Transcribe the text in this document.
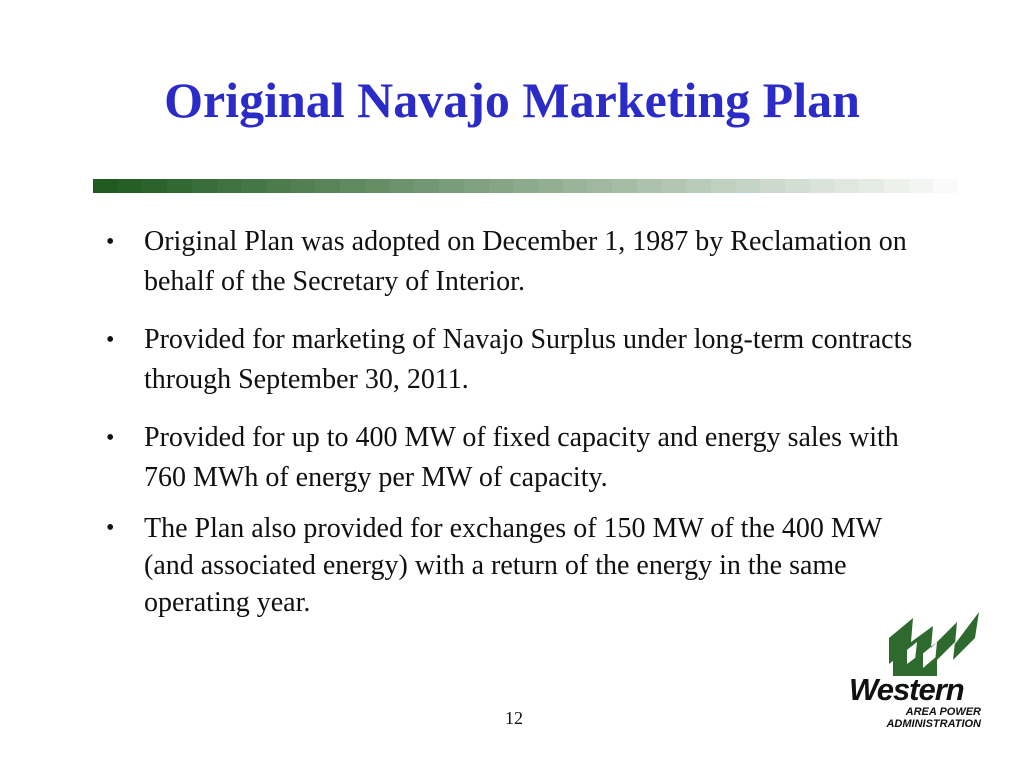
Original Navajo Marketing Plan
• Original Plan was adopted on December 1, 1987 by Reclamation on behalf of the Secretary of Interior.
• Provided for marketing of Navajo Surplus under long-term contracts through September 30, 2011.
• Provided for up to 400 MW of fixed capacity and energy sales with 760 MWh of energy per MW of capacity.
• The Plan also provided for exchanges of 150 MW of the 400 MW (and associated energy) with a return of the energy in the same operating year.
12
Western
AREA POWER
ADMINISTRATION
